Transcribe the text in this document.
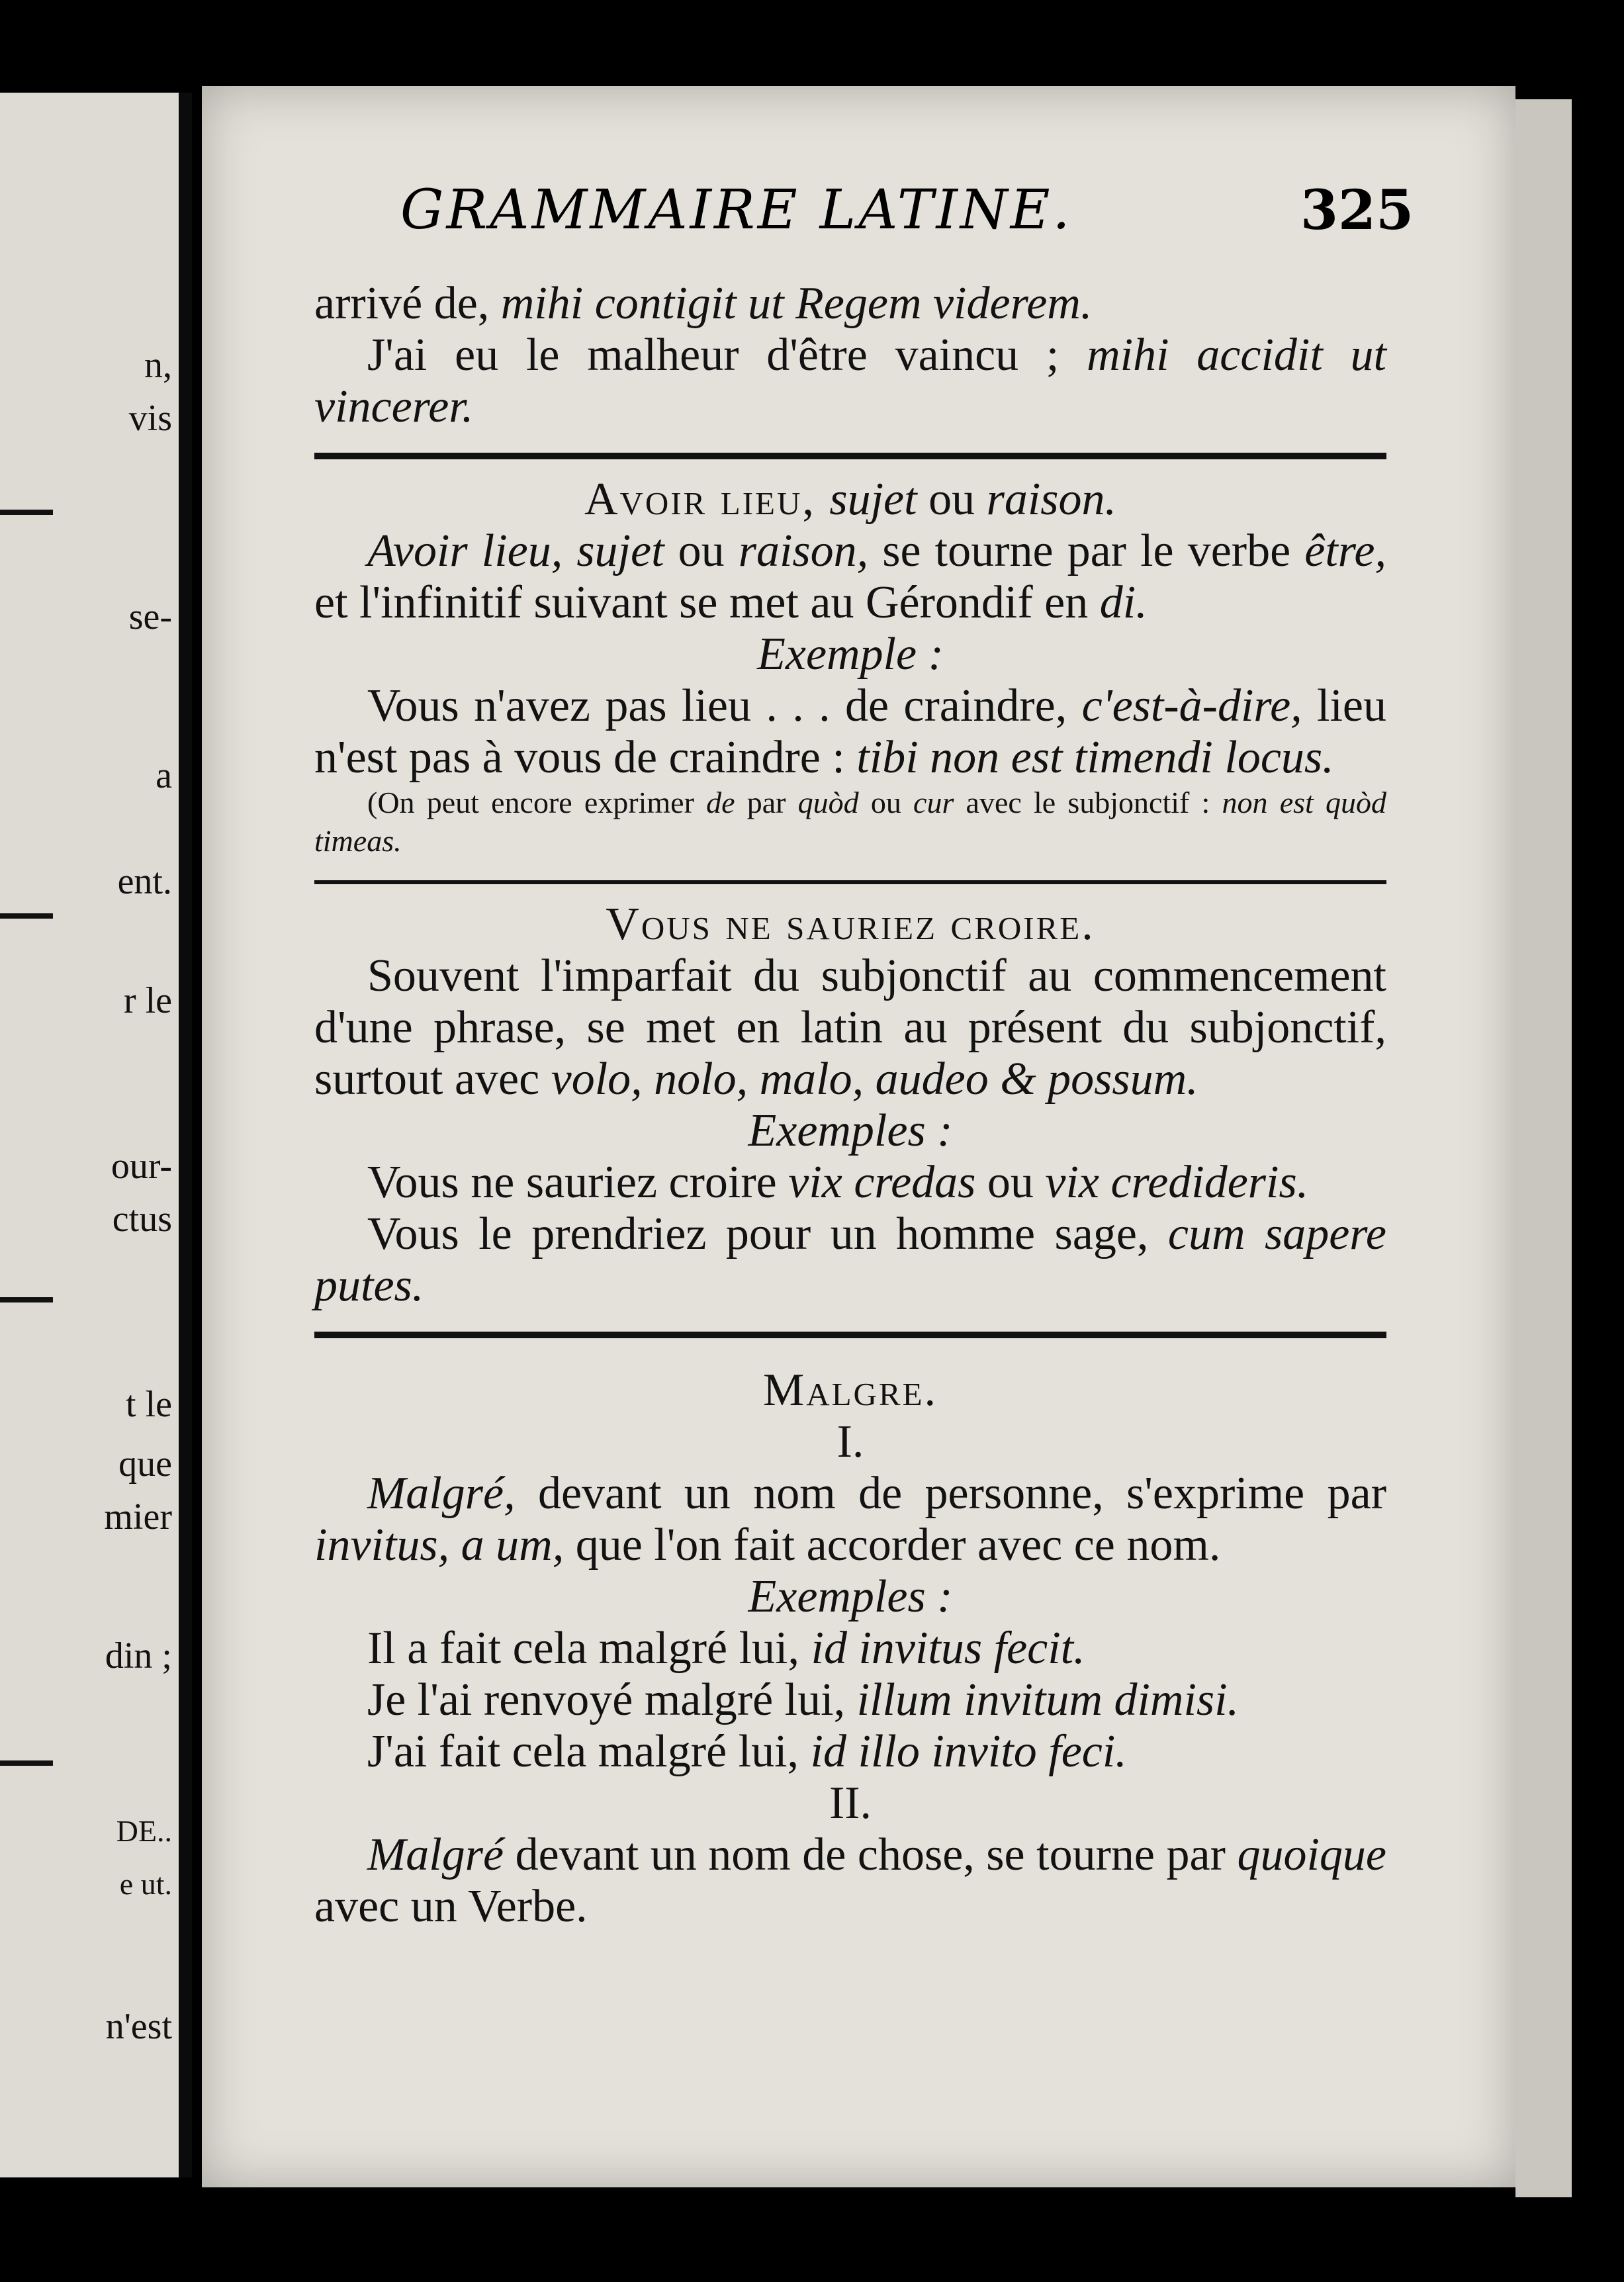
n,
vis
se-
a
ent.
r le
our-
ctus
t le
que
mier
din ;
DE..
e ut.
n'est
GRAMMAIRE LATINE.	325

arrivé de, mihi contigit ut Regem viderem.

J'ai eu le malheur d'être vaincu ; mihi accidit ut vincerer.

Avoir lieu, sujet ou raison.

Avoir lieu, sujet ou raison, se tourne par le verbe être, et l'infinitif suivant se met au Gérondif en di.

Exemple :

Vous n'avez pas lieu . . . de craindre, c'est-à-dire, lieu n'est pas à vous de craindre : tibi non est timendi locus.

(On peut encore exprimer de par quòd ou cur avec le subjonctif : non est quòd timeas.

Vous ne sauriez croire.

Souvent l'imparfait du subjonctif au commencement d'une phrase, se met en latin au présent du subjonctif, surtout avec volo, nolo, malo, audeo & possum.

Exemples :

Vous ne sauriez croire vix credas ou vix credideris.

Vous le prendriez pour un homme sage, cum sapere putes.

Malgre.

I.

Malgré, devant un nom de personne, s'exprime par invitus, a um, que l'on fait accorder avec ce nom.

Exemples :

Il a fait cela malgré lui, id invitus fecit.

Je l'ai renvoyé malgré lui, illum invitum dimisi.

J'ai fait cela malgré lui, id illo invito feci.

II.

Malgré devant un nom de chose, se tourne par quoique avec un Verbe.
